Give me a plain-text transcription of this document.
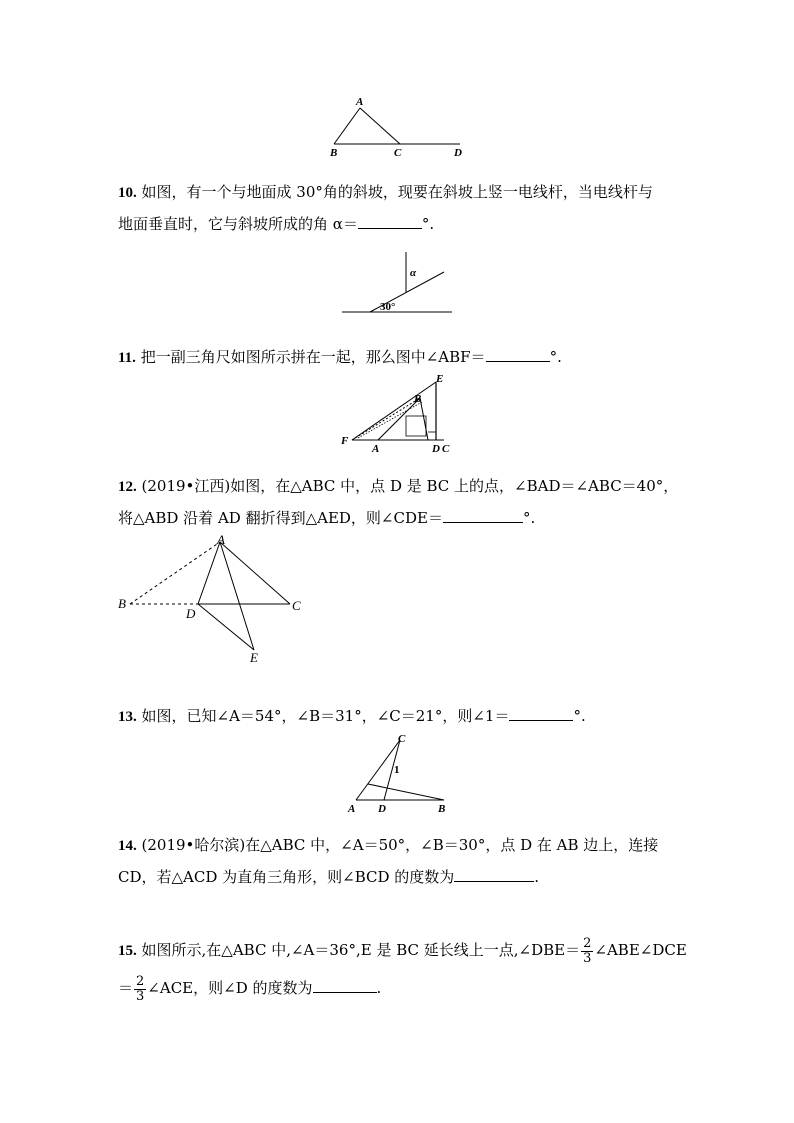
A
B	C	D
10. 如图，有一个与地面成 30°角的斜坡，现要在斜坡上竖一电线杆，当电线杆与
地面垂直时，它与斜坡所成的角 α＝	°.
α
30°
11. 把一副三角尺如图所示拼在一起，那么图中∠ABF＝	°.
E
B
F
A	D C
12. (2019•江西)如图，在△ABC 中，点 D 是 BC 上的点，∠BAD＝∠ABC＝40°，
将△ABD 沿着 AD 翻折得到△AED，则∠CDE＝	°.
A
B
D
C
E
13. 如图，已知∠A＝54°，∠B＝31°，∠C＝21°，则∠1＝	°.
C
1
A D	B
14. (2019•哈尔滨)在△ABC 中，∠A＝50°，∠B＝30°，点 D 在 AB 边上，连接
CD，若△ACD 为直角三角形，则∠BCD 的度数为	.
15. 如图所示,在△ABC 中,∠A＝36°,E 是 BC 延长线上一点,∠DBE＝ $\frac{2}{3}$ ∠ABE∠DCE
＝ $\frac{2}{3}$ ∠ACE，则∠D 的度数为	.
